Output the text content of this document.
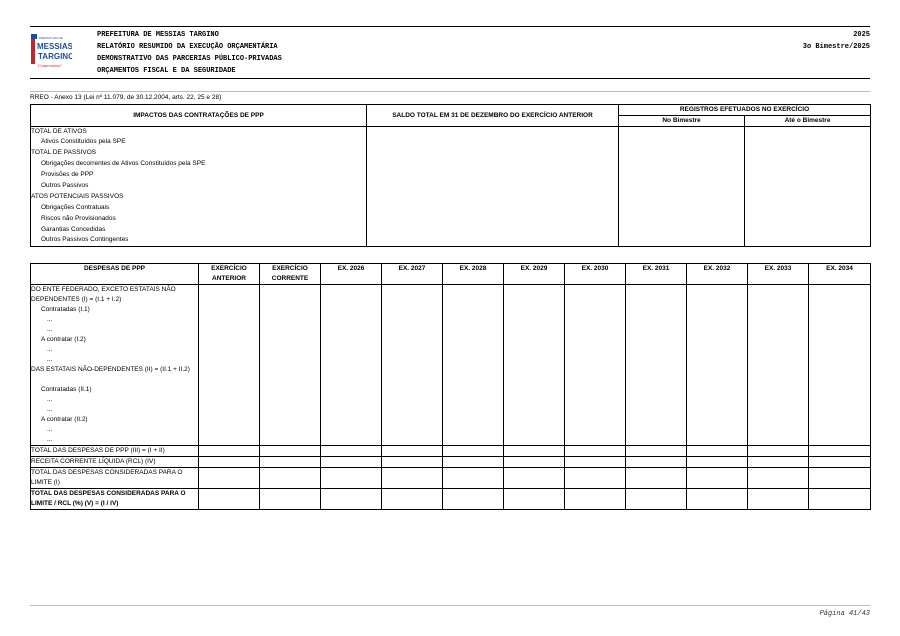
PREFEITURA DE
MESSIAS
TARGINO
Compromisso!
PREFEITURA DE MESSIAS TARGINO
RELATÓRIO RESUMIDO DA EXECUÇÃO ORÇAMENTÁRIA
DEMONSTRATIVO DAS PARCERIAS PÚBLICO-PRIVADAS
ORÇAMENTOS FISCAL E DA SEGURIDADE
2025
3o Bimestre/2025
RREO - Anexo 13 (Lei nº 11.079, de 30.12.2004, arts. 22, 25 e 28)
IMPACTOS DAS CONTRATAÇÕES DE PPP	SALDO TOTAL EM 31 DE DEZEMBRO DO EXERCÍCIO ANTERIOR	REGISTROS EFETUADOS NO EXERCÍCIO	
		No Bimestre	Até o Bimestre
TOTAL DE ATIVOS			
Ativos Constituídos pela SPE			
TOTAL DE PASSIVOS			
Obrigações decorrentes de Ativos Constituídos pela SPE			
Provisões de PPP			
Outros Passivos			
ATOS POTENCIAIS PASSIVOS			
Obrigações Contratuais			
Riscos não Provisionados			
Garantias Concedidas			
Outros Passivos Contingentes			
DESPESAS DE PPP	EXERCÍCIO ANTERIOR	EXERCÍCIO CORRENTE	EX. 2026	EX. 2027	EX. 2028	EX. 2029	EX. 2030	EX. 2031	EX. 2032	EX. 2033	EX. 2034
DO ENTE FEDERADO, EXCETO ESTATAIS NÃO DEPENDENTES (I) = (I.1 + I.2)											
Contratadas (I.1)											
...											
...											
A contratar (I.2)											
...											
...											
DAS ESTATAIS NÃO-DEPENDENTES (II) = (II.1 + II.2)											
Contratadas (II.1)											
...											
...											
A contratar (II.2)											
...											
...											
TOTAL DAS DESPESAS DE PPP (III) = (I + II)											
RECEITA CORRENTE LÍQUIDA (RCL) (IV)											
TOTAL DAS DESPESAS CONSIDERADAS PARA O LIMITE (I)											
TOTAL DAS DESPESAS CONSIDERADAS PARA O LIMITE / RCL (%) (V) = (I / IV)											
Página 41/43
